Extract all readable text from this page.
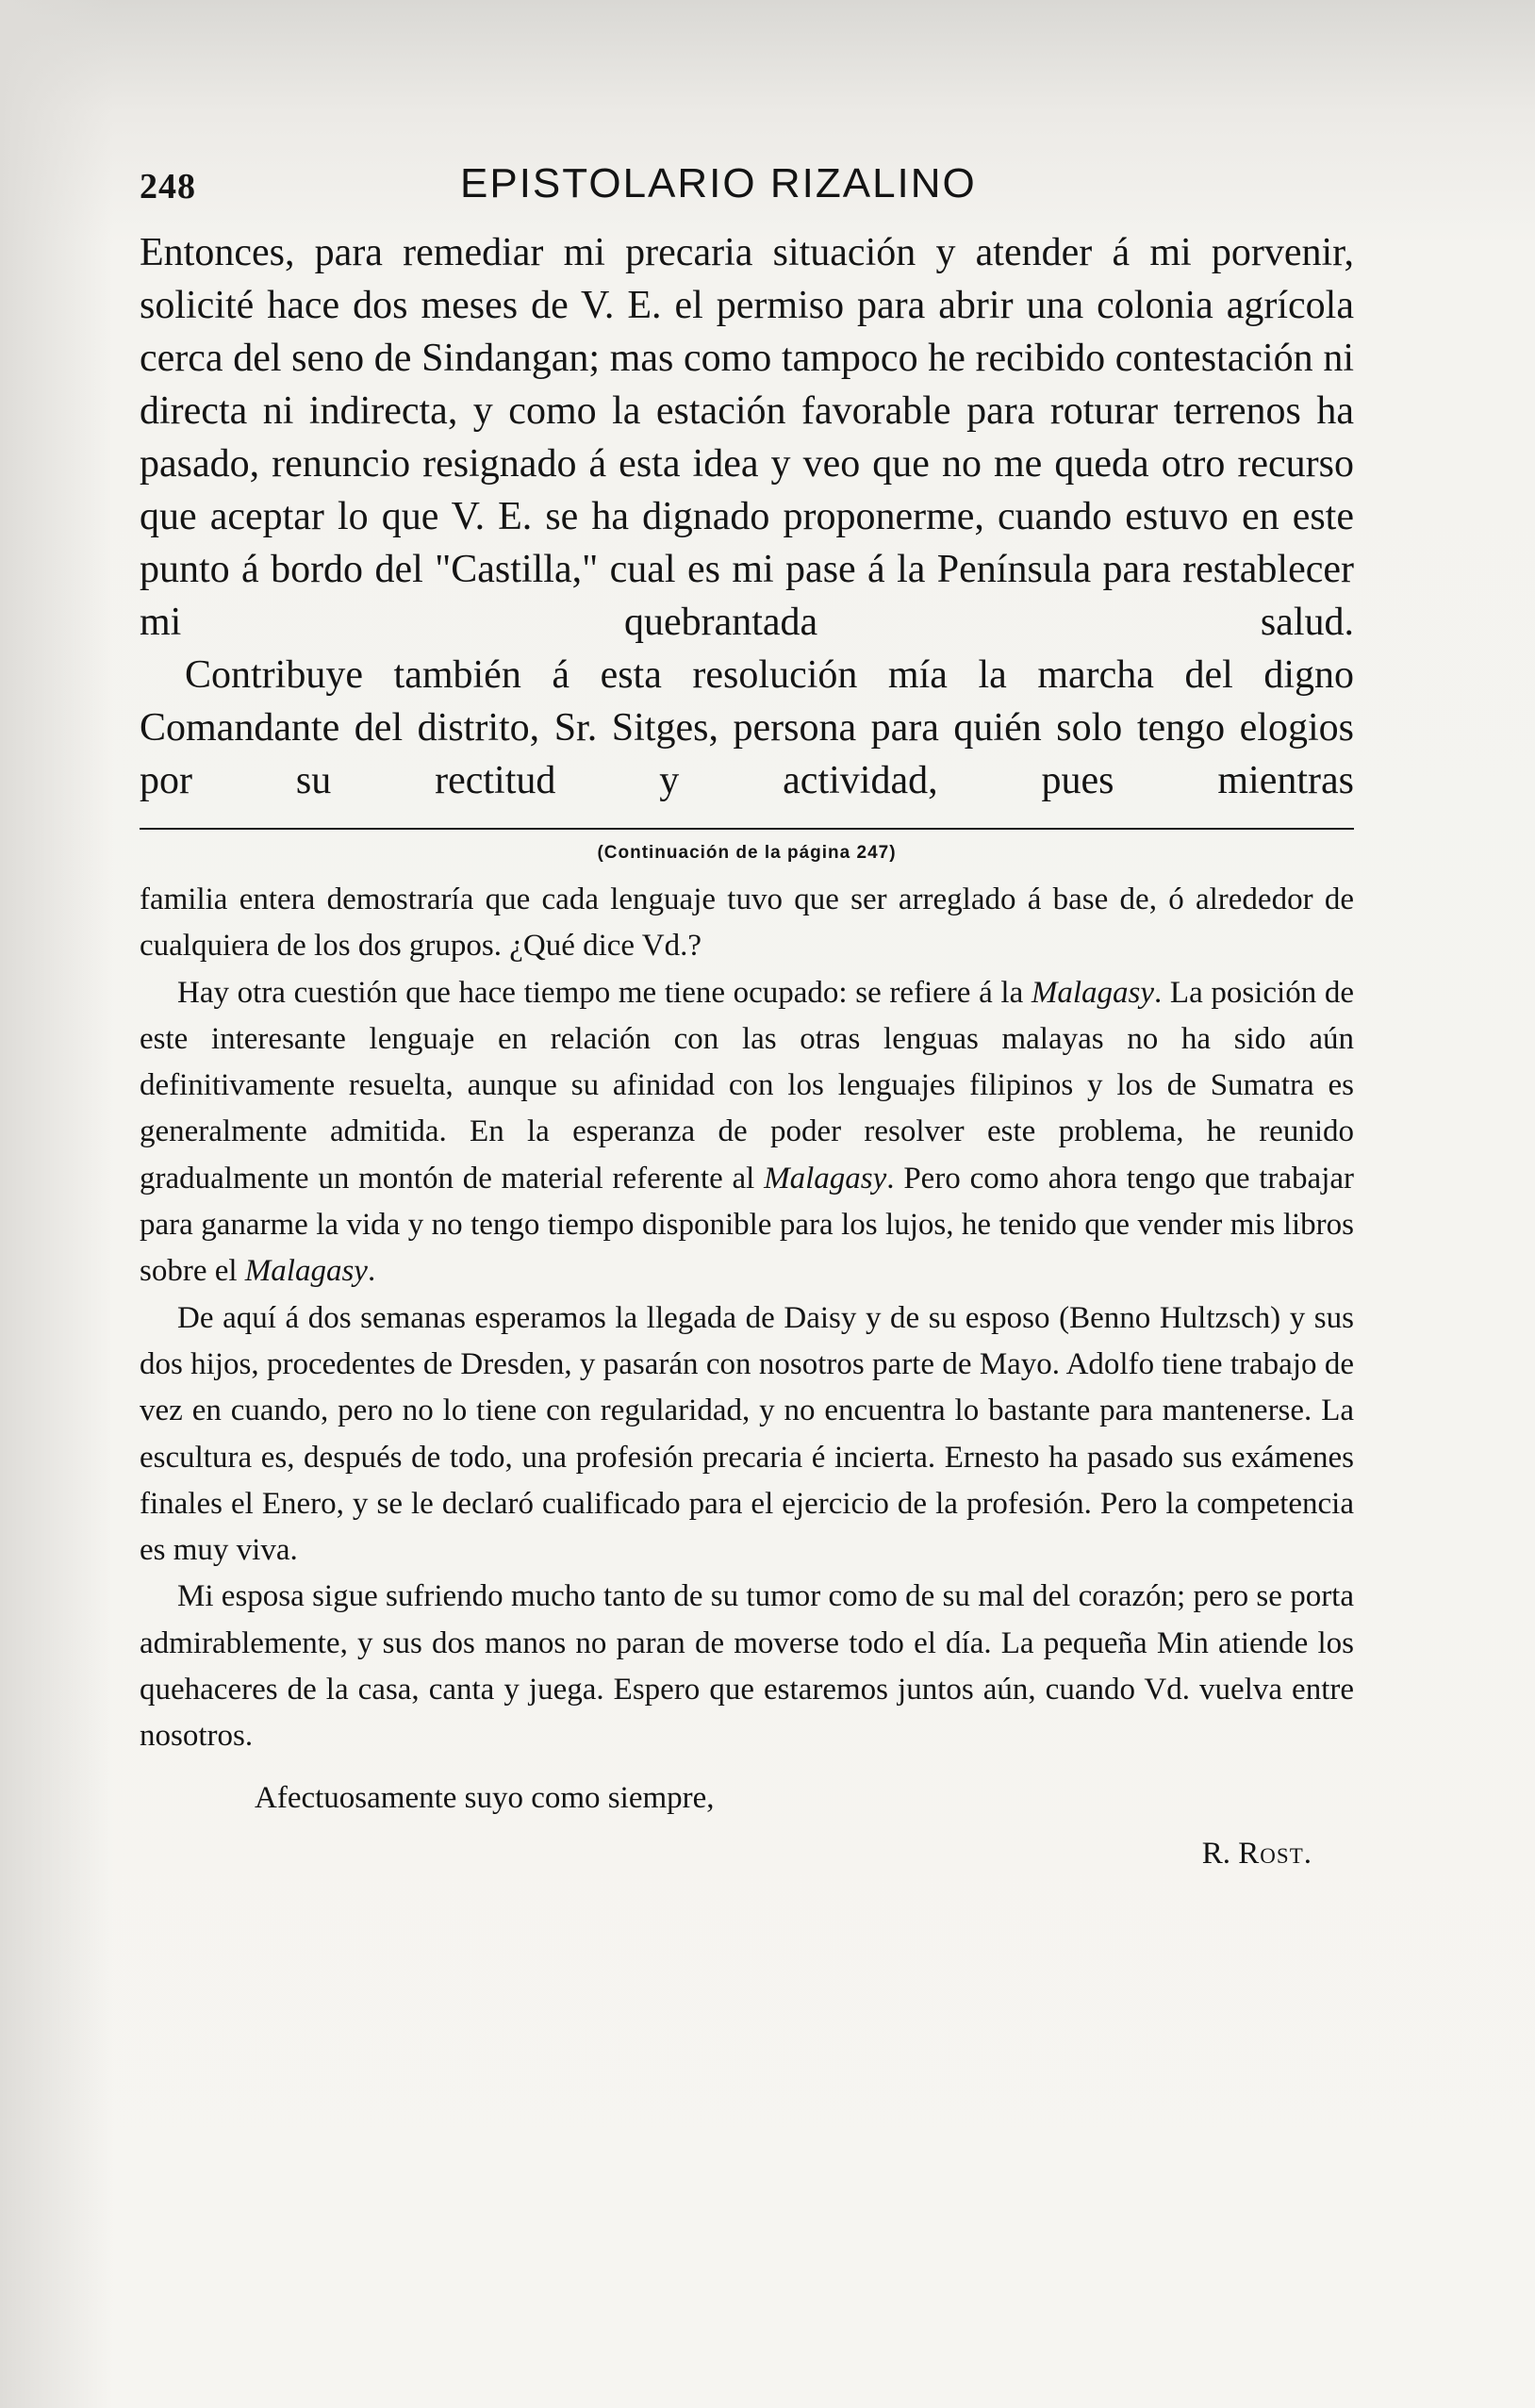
248	EPISTOLARIO RIZALINO

Entonces, para remediar mi precaria situación y atender á mi porvenir, solicité hace dos meses de V. E. el permiso para abrir una colonia agrícola cerca del seno de Sindangan; mas como tampoco he recibido contestación ni directa ni indirecta, y como la estación favorable para roturar terrenos ha pasado, renuncio resignado á esta idea y veo que no me queda otro recurso que aceptar lo que V. E. se ha dignado proponerme, cuando estuvo en este punto á bordo del "Castilla," cual es mi pase á la Península para restablecer mi quebrantada salud.

Contribuye también á esta resolución mía la marcha del digno Comandante del distrito, Sr. Sitges, persona para quién solo tengo elogios por su rectitud y actividad, pues mientras

(Continuación de la página 247)

familia entera demostraría que cada lenguaje tuvo que ser arreglado á base de, ó alrededor de cualquiera de los dos grupos. ¿Qué dice Vd.?

Hay otra cuestión que hace tiempo me tiene ocupado: se refiere á la Malagasy. La posición de este interesante lenguaje en relación con las otras lenguas malayas no ha sido aún definitivamente resuelta, aunque su afinidad con los lenguajes filipinos y los de Sumatra es generalmente admitida. En la esperanza de poder resolver este problema, he reunido gradualmente un montón de material referente al Malagasy. Pero como ahora tengo que trabajar para ganarme la vida y no tengo tiempo disponible para los lujos, he tenido que vender mis libros sobre el Malagasy.

De aquí á dos semanas esperamos la llegada de Daisy y de su esposo (Benno Hultzsch) y sus dos hijos, procedentes de Dresden, y pasarán con nosotros parte de Mayo. Adolfo tiene trabajo de vez en cuando, pero no lo tiene con regularidad, y no encuentra lo bastante para mantenerse. La escultura es, después de todo, una profesión precaria é incierta. Ernesto ha pasado sus exámenes finales el Enero, y se le declaró cualificado para el ejercicio de la profesión. Pero la competencia es muy viva.

Mi esposa sigue sufriendo mucho tanto de su tumor como de su mal del corazón; pero se porta admirablemente, y sus dos manos no paran de moverse todo el día. La pequeña Min atiende los quehaceres de la casa, canta y juega. Espero que estaremos juntos aún, cuando Vd. vuelva entre nosotros.

Afectuosamente suyo como siempre,
R. Rost.
